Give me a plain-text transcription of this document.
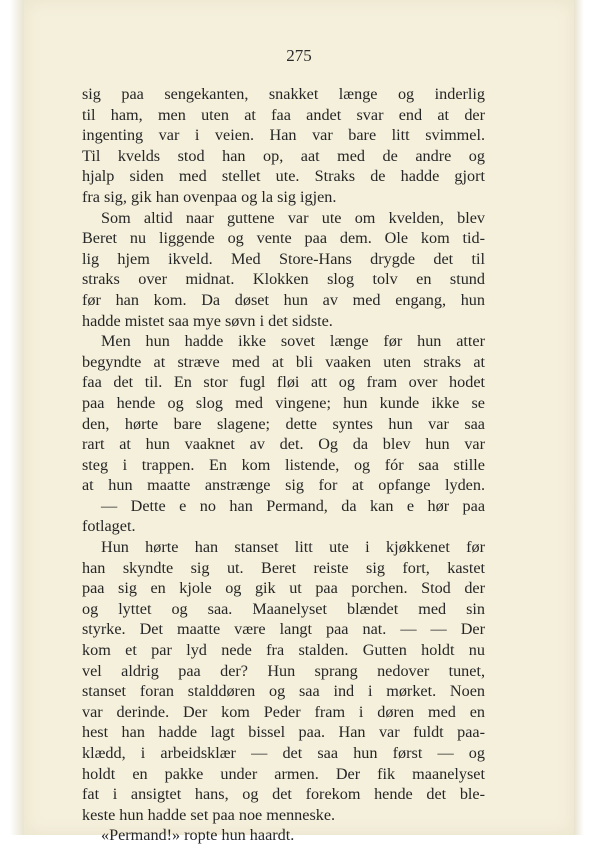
275
sig paa sengekanten, snakket længe og inderlig
til ham, men uten at faa andet svar end at der
ingenting var i veien. Han var bare litt svimmel.
Til kvelds stod han op, aat med de andre og
hjalp siden med stellet ute. Straks de hadde gjort
fra sig, gik han ovenpaa og la sig igjen.
Som altid naar guttene var ute om kvelden, blev
Beret nu liggende og vente paa dem. Ole kom tid-
lig hjem ikveld. Med Store-Hans drygde det til
straks over midnat. Klokken slog tolv en stund
før han kom. Da døset hun av med engang, hun
hadde mistet saa mye søvn i det sidste.
Men hun hadde ikke sovet længe før hun atter
begyndte at stræve med at bli vaaken uten straks at
faa det til. En stor fugl fløi att og fram over hodet
paa hende og slog med vingene; hun kunde ikke se
den, hørte bare slagene; dette syntes hun var saa
rart at hun vaaknet av det. Og da blev hun var
steg i trappen. En kom listende, og fór saa stille
at hun maatte anstrænge sig for at opfange lyden.
— Dette e no han Permand, da kan e hør paa
fotlaget.
Hun hørte han stanset litt ute i kjøkkenet før
han skyndte sig ut. Beret reiste sig fort, kastet
paa sig en kjole og gik ut paa porchen. Stod der
og lyttet og saa. Maanelyset blændet med sin
styrke. Det maatte være langt paa nat. — — Der
kom et par lyd nede fra stalden. Gutten holdt nu
vel aldrig paa der? Hun sprang nedover tunet,
stanset foran stalddøren og saa ind i mørket. Noen
var derinde. Der kom Peder fram i døren med en
hest han hadde lagt bissel paa. Han var fuldt paa-
klædd, i arbeidsklær — det saa hun først — og
holdt en pakke under armen. Der fik maanelyset
fat i ansigtet hans, og det forekom hende det ble-
keste hun hadde set paa noe menneske.
«Permand!» ropte hun haardt.
